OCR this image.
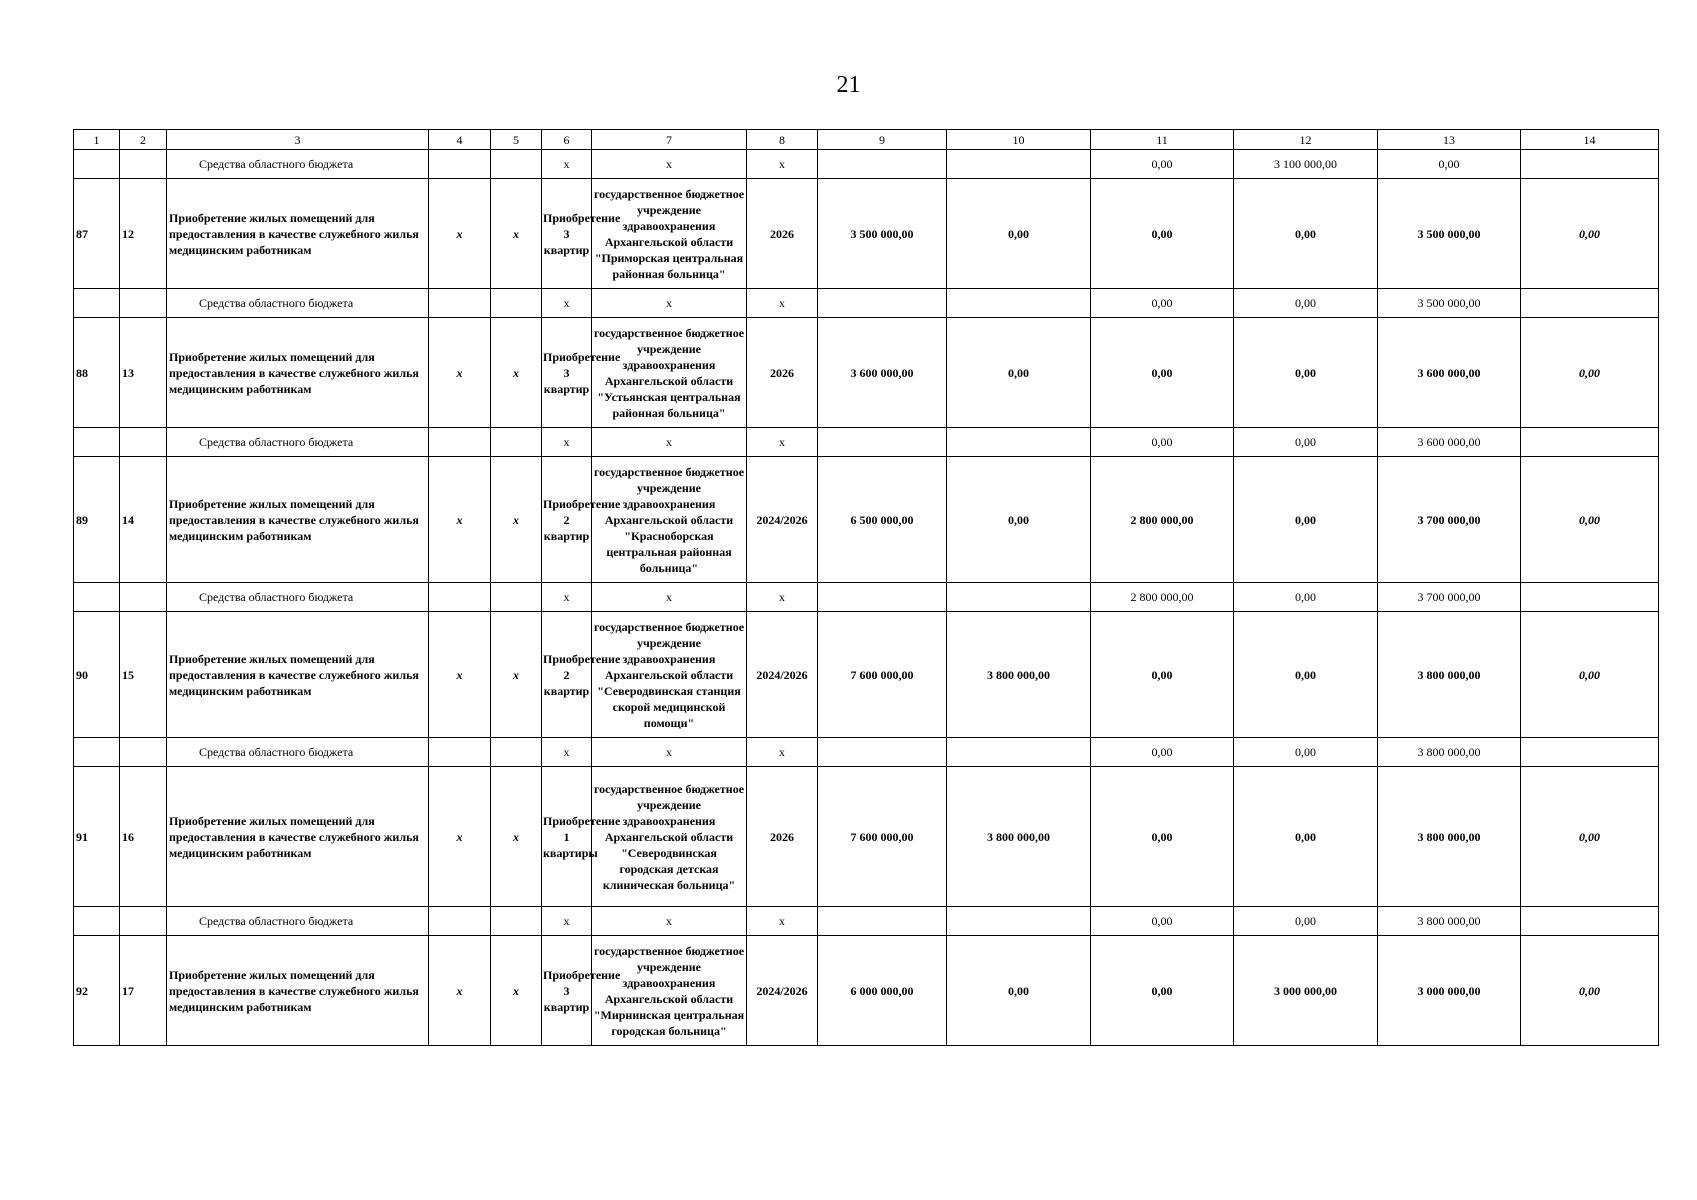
21
1	2	3	4	5	6	7	8	9	10	11	12	13	14
		Средства областного бюджета			х	х	х			0,00	3 100 000,00	0,00	
87	12	Приобретение жилых помещений для предоставления в качестве служебного жилья медицинским работникам	х	х	Приобретение 3 квартир	государственное бюджетное учреждение здравоохранения Архангельской области "Приморская центральная районная больница"	2026	3 500 000,00	0,00	0,00	0,00	3 500 000,00	0,00
		Средства областного бюджета			х	х	х			0,00	0,00	3 500 000,00	
88	13	Приобретение жилых помещений для предоставления в качестве служебного жилья медицинским работникам	х	х	Приобретение 3 квартир	государственное бюджетное учреждение здравоохранения Архангельской области "Устьянская центральная районная больница"	2026	3 600 000,00	0,00	0,00	0,00	3 600 000,00	0,00
		Средства областного бюджета			х	х	х			0,00	0,00	3 600 000,00	
89	14	Приобретение жилых помещений для предоставления в качестве служебного жилья медицинским работникам	х	х	Приобретение 2 квартир	государственное бюджетное учреждение здравоохранения Архангельской области "Красноборская центральная районная больница"	2024/2026	6 500 000,00	0,00	2 800 000,00	0,00	3 700 000,00	0,00
		Средства областного бюджета			х	х	х			2 800 000,00	0,00	3 700 000,00	
90	15	Приобретение жилых помещений для предоставления в качестве служебного жилья медицинским работникам	х	х	Приобретение 2 квартир	государственное бюджетное учреждение здравоохранения Архангельской области "Северодвинская станция скорой медицинской помощи"	2024/2026	7 600 000,00	3 800 000,00	0,00	0,00	3 800 000,00	0,00
		Средства областного бюджета			х	х	х			0,00	0,00	3 800 000,00	
91	16	Приобретение жилых помещений для предоставления в качестве служебного жилья медицинским работникам	х	х	Приобретение 1 квартиры	государственное бюджетное учреждение здравоохранения Архангельской области "Северодвинская городская детская клиническая больница"	2026	7 600 000,00	3 800 000,00	0,00	0,00	3 800 000,00	0,00
		Средства областного бюджета			х	х	х			0,00	0,00	3 800 000,00	
92	17	Приобретение жилых помещений для предоставления в качестве служебного жилья медицинским работникам	х	х	Приобретение 3 квартир	государственное бюджетное учреждение здравоохранения Архангельской области "Мирнинская центральная городская больница"	2024/2026	6 000 000,00	0,00	0,00	3 000 000,00	3 000 000,00	0,00
